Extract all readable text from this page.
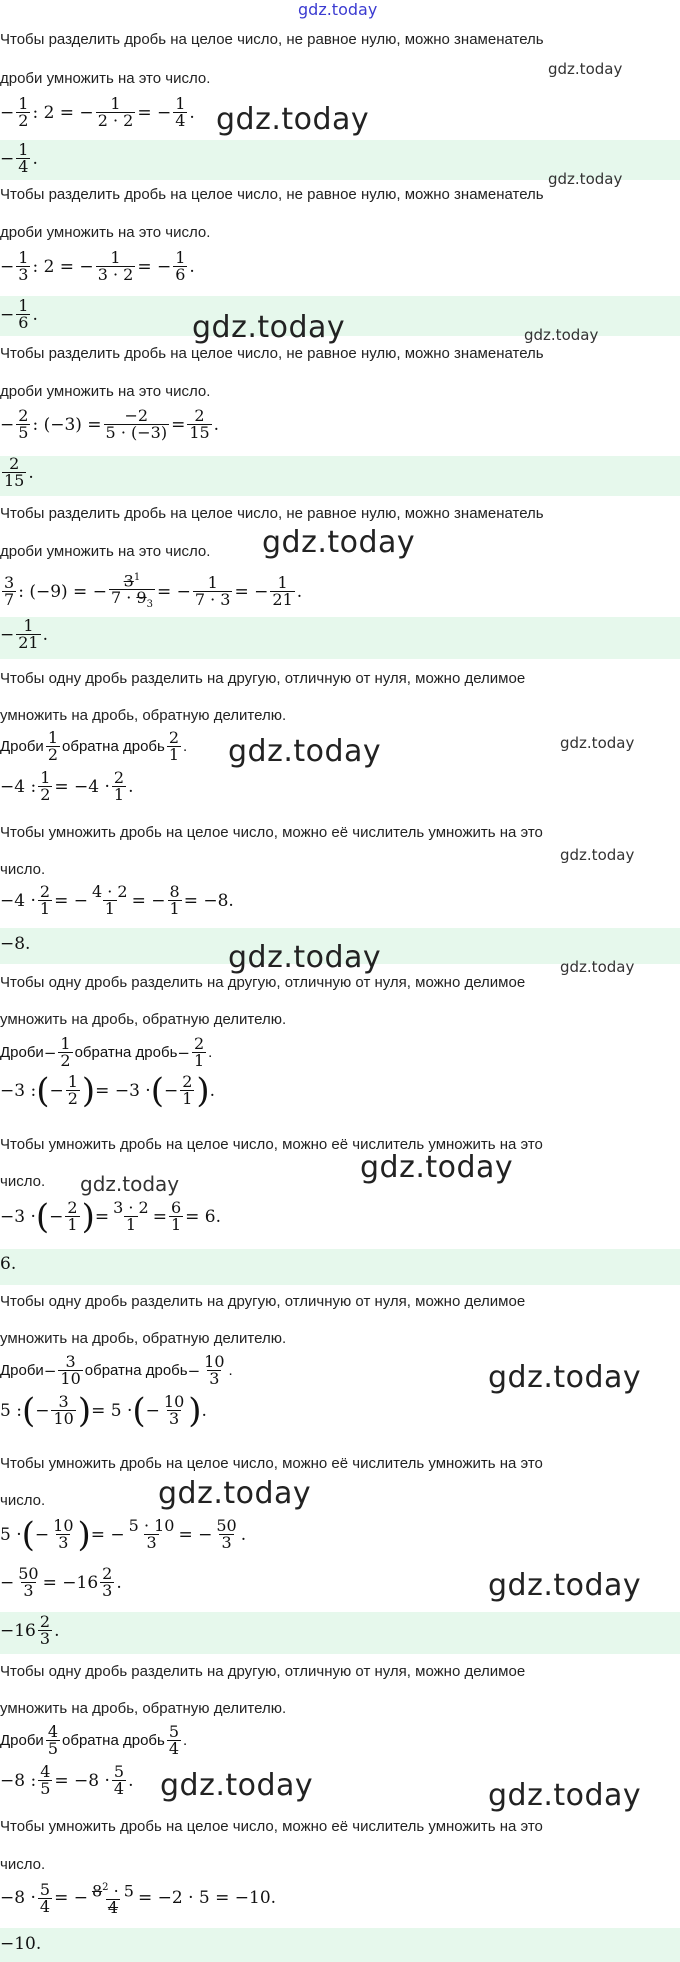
gdz.today
Чтобы разделить дробь на целое число, не равное нулю, можно знаменатель
gdz.today
дроби умножить на это число.
− $\frac{1}{2}$ : 2 = − $\frac{1}{2 \cdot 2}$ = − $\frac{1}{4}$ . gdz.today
− $\frac{1}{4}$ .
gdz.today
Чтобы разделить дробь на целое число, не равное нулю, можно знаменатель
дроби умножить на это число.
− $\frac{1}{3}$ : 2 = − $\frac{1}{3 \cdot 2}$ = − $\frac{1}{6}$ .
− $\frac{1}{6}$ .	gdz.today	gdz.today
Чтобы разделить дробь на целое число, не равное нулю, можно знаменатель
дроби умножить на это число.
− $\frac{2}{5}$ : $(-3) = \frac{-2}{5 \cdot (-3)} = \frac{2}{15}$ .
$\frac{2}{15}$ .
Чтобы разделить дробь на целое число, не равное нулю, можно знаменатель
дроби умножить на это число. gdz.today
$\frac{3}{7}$ : (−9) = − $\frac{3^1}{7 \cdot 9_3}$ = − $\frac{1}{7 \cdot 3}$ = − $\frac{1}{21}$ .
− $\frac{1}{21}$ .
Чтобы одну дробь разделить на другую, отличную от нуля, можно делимое
умножить на дробь, обратную делителю.
Дроби $\frac{1}{2}$ обратна дробь $\frac{2}{1}$ . gdz.today	gdz.today
−4 : $\frac{1}{2} = -4 \cdot \frac{2}{1}$ .
Чтобы умножить дробь на целое число, можно её числитель умножить на это
gdz.today
число.
$-4 \cdot \frac{2}{1}$ = − $\frac{4 \cdot 2}{1}$ = − $\frac{8}{1} = -8$.
−8.	gdz.today	gdz.today
Чтобы одну дробь разделить на другую, отличную от нуля, можно делимое
умножить на дробь, обратную делителю.
Дроби − $\frac{1}{2}$ обратна дробь − $\frac{2}{1}$ .
−3 : ( − $\frac{1}{2}$ ) = −3 · ( − $\frac{2}{1}$ ) .
Чтобы умножить дробь на целое число, можно её числитель умножить на это
gdz.today
число. gdz.today
−3 · ( − $\frac{2}{1}$ ) = $\frac{3 \cdot 2}{1} = \frac{6}{1} = 6$.
6.
Чтобы одну дробь разделить на другую, отличную от нуля, можно делимое
умножить на дробь, обратную делителю.
Дроби − $\frac{3}{10}$ обратна дробь − $\frac{10}{3}$ .	gdz.today
5 : ( − $\frac{3}{10}$ ) = 5 · ( − $\frac{10}{3}$ ) .
Чтобы умножить дробь на целое число, можно её числитель умножить на это
gdz.today
число.
5 · ( − $\frac{10}{3}$ ) = − $\frac{5 \cdot 10}{3}$ = − $\frac{50}{3}$ .
− $\frac{50}{3} = -16 \frac{2}{3}$ .	gdz.today
$-16 \frac{2}{3}$ .
Чтобы одну дробь разделить на другую, отличную от нуля, можно делимое
умножить на дробь, обратную делителю.
Дроби $\frac{4}{5}$ обратна дробь $\frac{5}{4}$ .
−8 : $\frac{4}{5} = -8 \cdot \frac{5}{4}$ . gdz.today	gdz.today
Чтобы умножить дробь на целое число, можно её числитель умножить на это
число.
$-8 \cdot \frac{5}{4}$ = − $\frac{8^2 \cdot 5}{4} = -2 \cdot 5 = -10$.
−10.
